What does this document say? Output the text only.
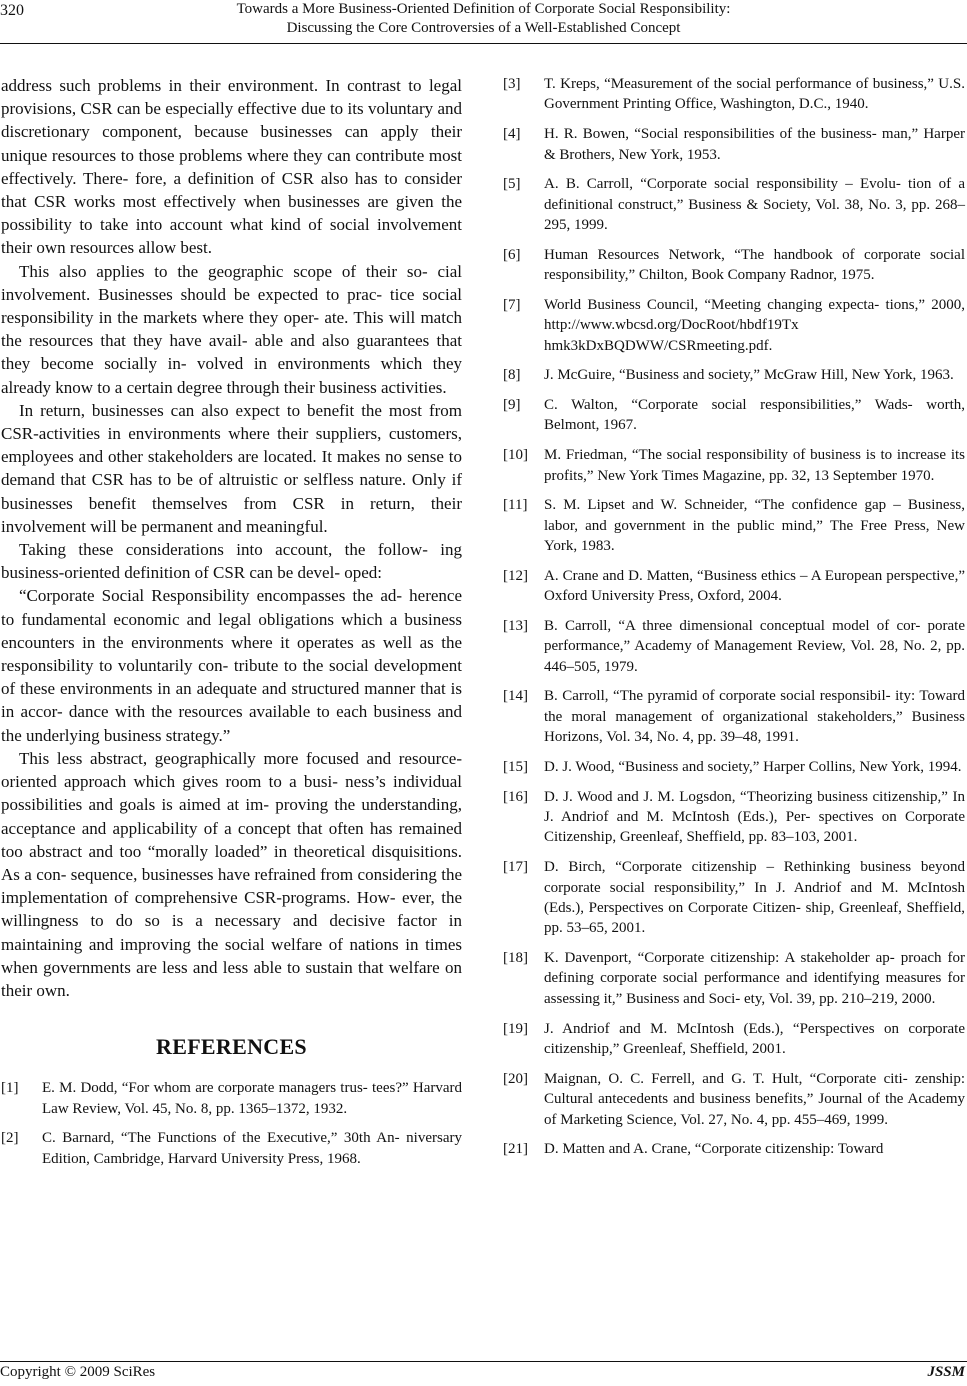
320	Towards a More Business-Oriented Definition of Corporate Social Responsibility:
Discussing the Core Controversies of a Well-Established Concept

address such problems in their environment. In contrast to legal provisions, CSR can be especially effective due to its voluntary and discretionary component, because businesses can apply their unique resources to those problems where they can contribute most effectively. There- fore, a definition of CSR also has to consider that CSR works most effectively when businesses are given the possibility to take into account what kind of social involvement their own resources allow best.

This also applies to the geographic scope of their so- cial involvement. Businesses should be expected to prac- tice social responsibility in the markets where they oper- ate. This will match the resources that they have avail- able and also guarantees that they become socially in- volved in environments which they already know to a certain degree through their business activities.

In return, businesses can also expect to benefit the most from CSR-activities in environments where their suppliers, customers, employees and other stakeholders are located. It makes no sense to demand that CSR has to be of altruistic or selfless nature. Only if businesses benefit themselves from CSR in return, their involvement will be permanent and meaningful.

Taking these considerations into account, the follow- ing business-oriented definition of CSR can be devel- oped:

“Corporate Social Responsibility encompasses the ad- herence to fundamental economic and legal obligations which a business encounters in the environments where it operates as well as the responsibility to voluntarily con- tribute to the social development of these environments in an adequate and structured manner that is in accor- dance with the resources available to each business and the underlying business strategy.”

This less abstract, geographically more focused and resource-oriented approach which gives room to a busi- ness’s individual possibilities and goals is aimed at im- proving the understanding, acceptance and applicability of a concept that often has remained too abstract and too “morally loaded” in theoretical disquisitions. As a con- sequence, businesses have refrained from considering the implementation of comprehensive CSR-programs. How- ever, the willingness to do so is a necessary and decisive factor in maintaining and improving the social welfare of nations in times when governments are less and less able to sustain that welfare on their own.

REFERENCES
[1]	E. M. Dodd, “For whom are corporate managers trus- tees?” Harvard Law Review, Vol. 45, No. 8, pp. 1365–1372, 1932.
[2]	C. Barnard, “The Functions of the Executive,” 30th An- niversary Edition, Cambridge, Harvard University Press, 1968.
[3]	T. Kreps, “Measurement of the social performance of business,” U.S. Government Printing Office, Washington, D.C., 1940.
[4]	H. R. Bowen, “Social responsibilities of the business- man,” Harper & Brothers, New York, 1953.
[5]	A. B. Carroll, “Corporate social responsibility – Evolu- tion of a definitional construct,” Business & Society, Vol. 38, No. 3, pp. 268–295, 1999.
[6]	Human Resources Network, “The handbook of corporate social responsibility,” Chilton, Book Company Radnor, 1975.
[7]	World Business Council, “Meeting changing expecta- tions,” 2000, http://www.wbcsd.org/DocRoot/hbdf19Tx hmk3kDxBQDWW/CSRmeeting.pdf.
[8]	J. McGuire, “Business and society,” McGraw Hill, New York, 1963.
[9]	C. Walton, “Corporate social responsibilities,” Wads- worth, Belmont, 1967.
[10]	M. Friedman, “The social responsibility of business is to increase its profits,” New York Times Magazine, pp. 32, 13 September 1970.
[11]	S. M. Lipset and W. Schneider, “The confidence gap – Business, labor, and government in the public mind,” The Free Press, New York, 1983.
[12]	A. Crane and D. Matten, “Business ethics – A European perspective,” Oxford University Press, Oxford, 2004.
[13]	B. Carroll, “A three dimensional conceptual model of cor- porate performance,” Academy of Management Review, Vol. 28, No. 2, pp. 446–505, 1979.
[14]	B. Carroll, “The pyramid of corporate social responsibil- ity: Toward the moral management of organizational stakeholders,” Business Horizons, Vol. 34, No. 4, pp. 39–48, 1991.
[15]	D. J. Wood, “Business and society,” Harper Collins, New York, 1994.
[16]	D. J. Wood and J. M. Logsdon, “Theorizing business citizenship,” In J. Andriof and M. McIntosh (Eds.), Per- spectives on Corporate Citizenship, Greenleaf, Sheffield, pp. 83–103, 2001.
[17]	D. Birch, “Corporate citizenship – Rethinking business beyond corporate social responsibility,” In J. Andriof and M. McIntosh (Eds.), Perspectives on Corporate Citizen- ship, Greenleaf, Sheffield, pp. 53–65, 2001.
[18]	K. Davenport, “Corporate citizenship: A stakeholder ap- proach for defining corporate social performance and identifying measures for assessing it,” Business and Soci- ety, Vol. 39, pp. 210–219, 2000.
[19]	J. Andriof and M. McIntosh (Eds.), “Perspectives on corporate citizenship,” Greenleaf, Sheffield, 2001.
[20]	Maignan, O. C. Ferrell, and G. T. Hult, “Corporate citi- zenship: Cultural antecedents and business benefits,” Journal of the Academy of Marketing Science, Vol. 27, No. 4, pp. 455–469, 1999.
[21]	D. Matten and A. Crane, “Corporate citizenship: Toward
Copyright © 2009 SciRes	JSSM
